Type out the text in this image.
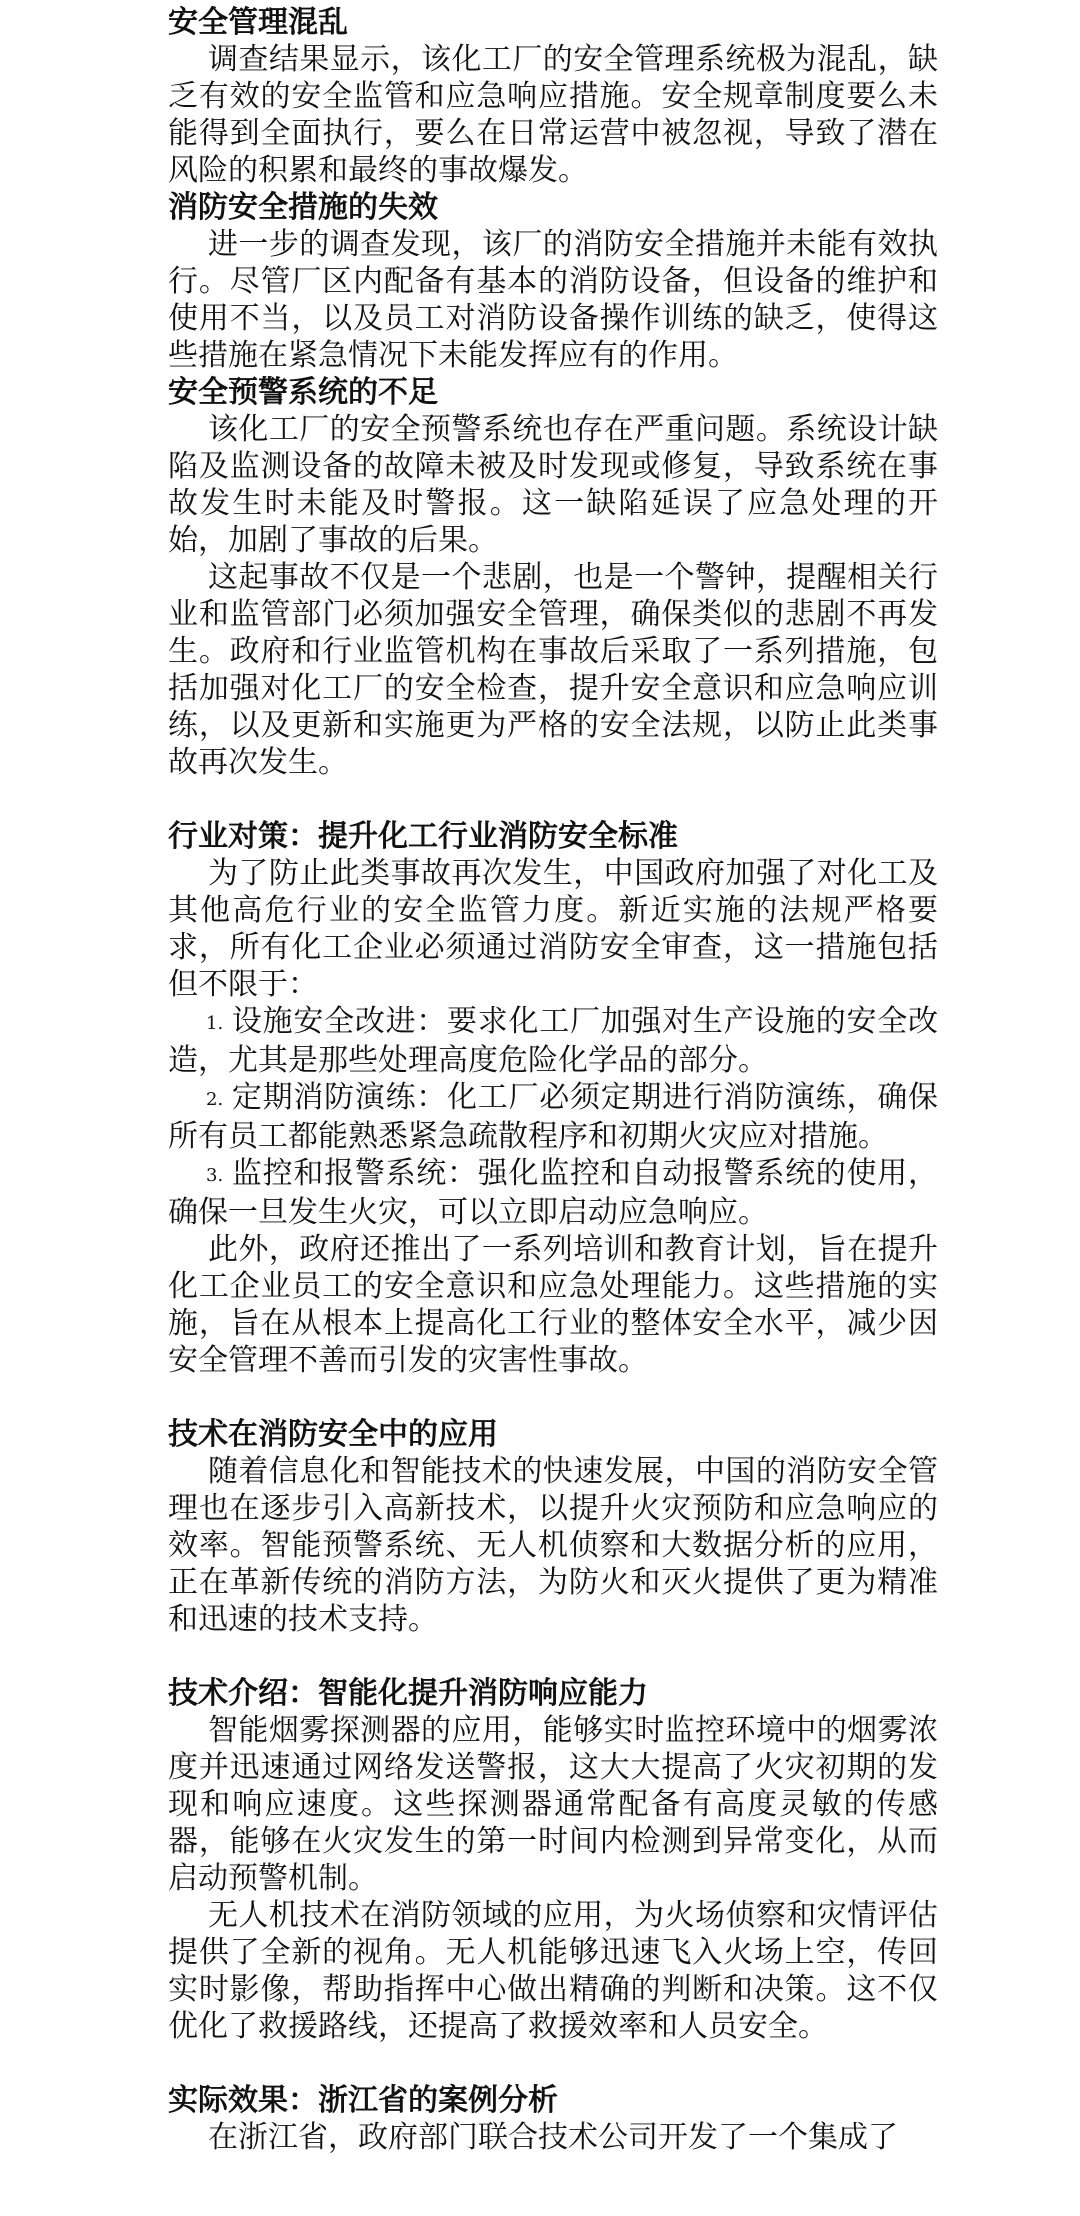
安全管理混乱

调查结果显示，该化工厂的安全管理系统极为混乱，缺乏有效的安全监管和应急响应措施。安全规章制度要么未能得到全面执行，要么在日常运营中被忽视，导致了潜在风险的积累和最终的事故爆发。

消防安全措施的失效

进一步的调查发现，该厂的消防安全措施并未能有效执行。尽管厂区内配备有基本的消防设备，但设备的维护和使用不当，以及员工对消防设备操作训练的缺乏，使得这些措施在紧急情况下未能发挥应有的作用。

安全预警系统的不足

该化工厂的安全预警系统也存在严重问题。系统设计缺陷及监测设备的故障未被及时发现或修复，导致系统在事故发生时未能及时警报。这一缺陷延误了应急处理的开始，加剧了事故的后果。

这起事故不仅是一个悲剧，也是一个警钟，提醒相关行业和监管部门必须加强安全管理，确保类似的悲剧不再发生。政府和行业监管机构在事故后采取了一系列措施，包括加强对化工厂的安全检查，提升安全意识和应急响应训练，以及更新和实施更为严格的安全法规，以防止此类事故再次发生。

行业对策：提升化工行业消防安全标准

为了防止此类事故再次发生，中国政府加强了对化工及其他高危行业的安全监管力度。新近实施的法规严格要求，所有化工企业必须通过消防安全审查，这一措施包括但不限于：

1. 设施安全改进：要求化工厂加强对生产设施的安全改造，尤其是那些处理高度危险化学品的部分。

2. 定期消防演练：化工厂必须定期进行消防演练，确保所有员工都能熟悉紧急疏散程序和初期火灾应对措施。

3. 监控和报警系统：强化监控和自动报警系统的使用，确保一旦发生火灾，可以立即启动应急响应。

此外，政府还推出了一系列培训和教育计划，旨在提升化工企业员工的安全意识和应急处理能力。这些措施的实施，旨在从根本上提高化工行业的整体安全水平，减少因安全管理不善而引发的灾害性事故。

技术在消防安全中的应用

随着信息化和智能技术的快速发展，中国的消防安全管理也在逐步引入高新技术，以提升火灾预防和应急响应的效率。智能预警系统、无人机侦察和大数据分析的应用，正在革新传统的消防方法，为防火和灭火提供了更为精准和迅速的技术支持。

技术介绍：智能化提升消防响应能力

智能烟雾探测器的应用，能够实时监控环境中的烟雾浓度并迅速通过网络发送警报，这大大提高了火灾初期的发现和响应速度。这些探测器通常配备有高度灵敏的传感器，能够在火灾发生的第一时间内检测到异常变化，从而启动预警机制。

无人机技术在消防领域的应用，为火场侦察和灾情评估提供了全新的视角。无人机能够迅速飞入火场上空，传回实时影像，帮助指挥中心做出精确的判断和决策。这不仅优化了救援路线，还提高了救援效率和人员安全。

实际效果：浙江省的案例分析

在浙江省，政府部门联合技术公司开发了一个集成了
